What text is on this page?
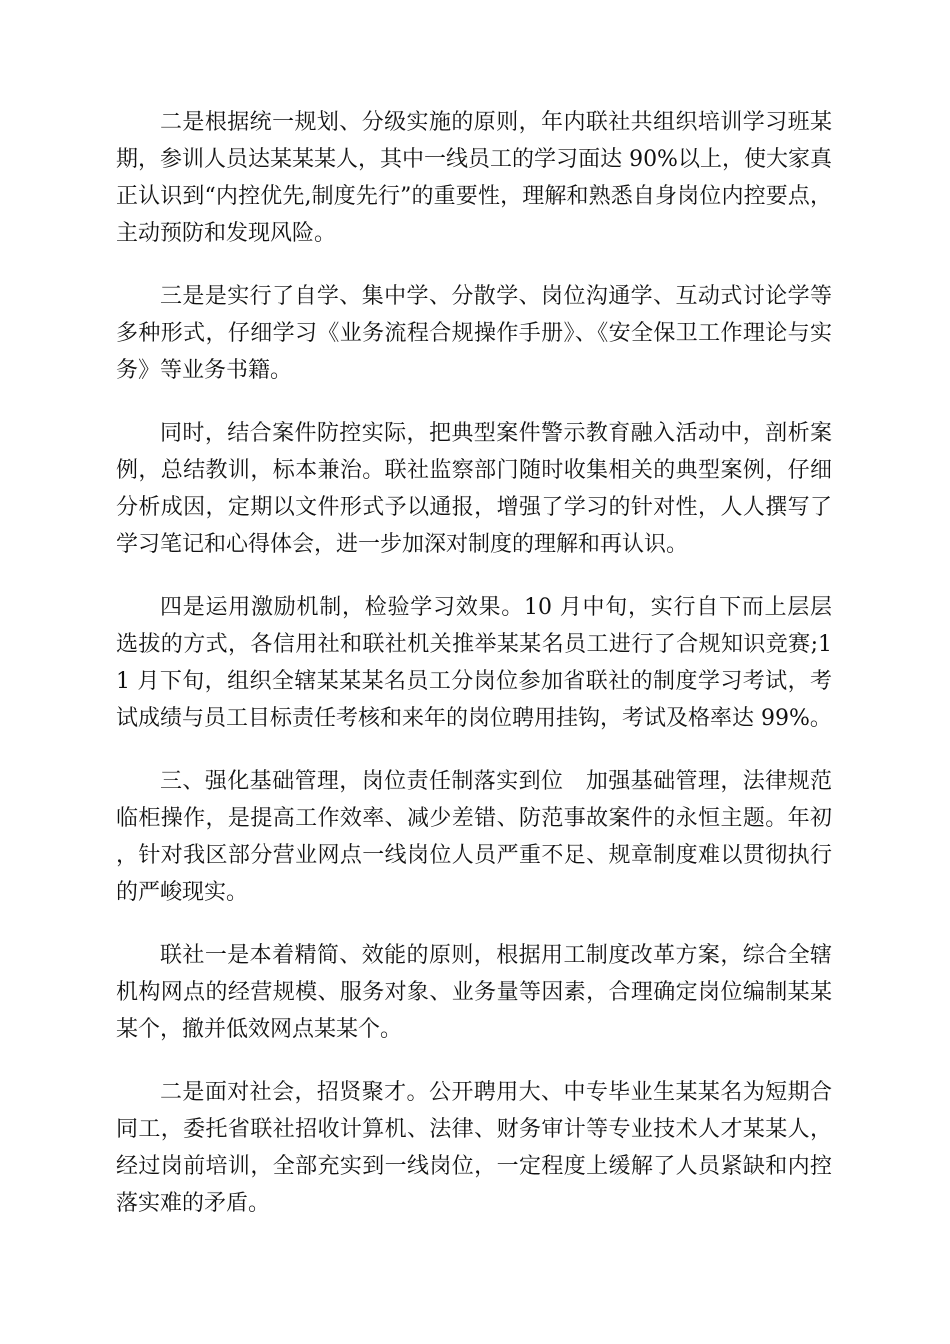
二是根据统一规划、分级实施的原则，年内联社共组织培训学习班某期，参训人员达某某某人，其中一线员工的学习面达 90%以上，使大家真正认识到“内控优先,制度先行”的重要性，理解和熟悉自身岗位内控要点，主动预防和发现风险。

三是是实行了自学、集中学、分散学、岗位沟通学、互动式讨论学等多种形式，仔细学习《业务流程合规操作手册》、《安全保卫工作理论与实务》等业务书籍。

同时，结合案件防控实际，把典型案件警示教育融入活动中，剖析案例，总结教训，标本兼治。联社监察部门随时收集相关的典型案例，仔细分析成因，定期以文件形式予以通报，增强了学习的针对性，人人撰写了学习笔记和心得体会，进一步加深对制度的理解和再认识。

四是运用激励机制，检验学习效果。10 月中旬，实行自下而上层层选拔的方式，各信用社和联社机关推举某某名员工进行了合规知识竞赛;11 月下旬，组织全辖某某某名员工分岗位参加省联社的制度学习考试，考试成绩与员工目标责任考核和来年的岗位聘用挂钩，考试及格率达 99%。

三、强化基础管理，岗位责任制落实到位　加强基础管理，法律规范临柜操作，是提高工作效率、减少差错、防范事故案件的永恒主题。年初，针对我区部分营业网点一线岗位人员严重不足、规章制度难以贯彻执行的严峻现实。

联社一是本着精简、效能的原则，根据用工制度改革方案，综合全辖机构网点的经营规模、服务对象、业务量等因素，合理确定岗位编制某某某个，撤并低效网点某某个。

二是面对社会，招贤聚才。公开聘用大、中专毕业生某某名为短期合同工，委托省联社招收计算机、法律、财务审计等专业技术人才某某人，经过岗前培训，全部充实到一线岗位，一定程度上缓解了人员紧缺和内控落实难的矛盾。
